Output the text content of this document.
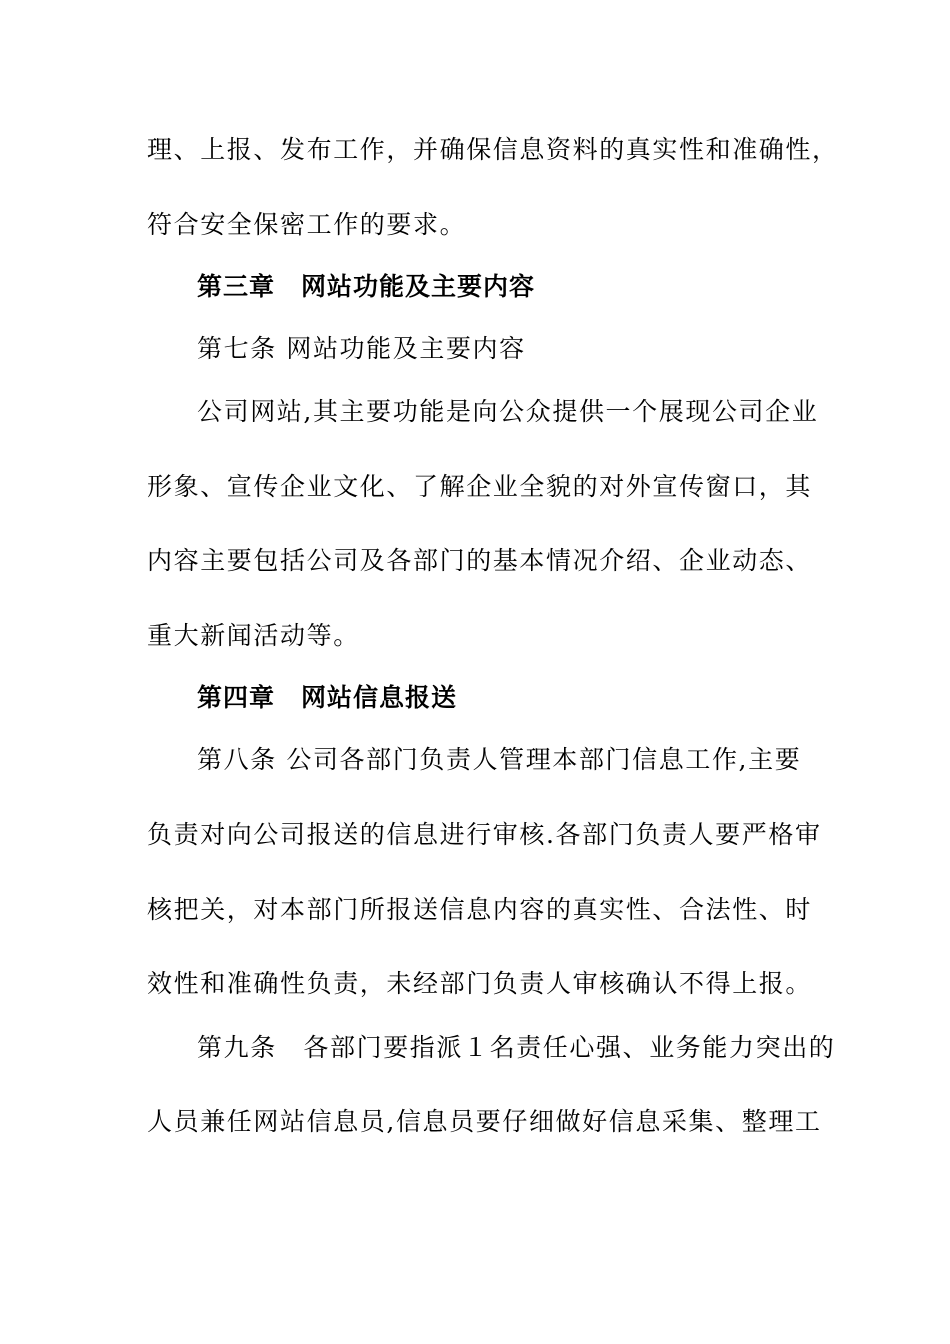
理、上报、发布工作，并确保信息资料的真实性和准确性，
符合安全保密工作的要求。
第三章　网站功能及主要内容
第七条 网站功能及主要内容
公司网站,其主要功能是向公众提供一个展现公司企业
形象、宣传企业文化、了解企业全貌的对外宣传窗口，其
内容主要包括公司及各部门的基本情况介绍、企业动态、
重大新闻活动等。
第四章　网站信息报送
第八条 公司各部门负责人管理本部门信息工作,主要
负责对向公司报送的信息进行审核.各部门负责人要严格审
核把关，对本部门所报送信息内容的真实性、合法性、时
效性和准确性负责，未经部门负责人审核确认不得上报。
第九条　各部门要指派１名责任心强、业务能力突出的
人员兼任网站信息员,信息员要仔细做好信息采集、整理工
